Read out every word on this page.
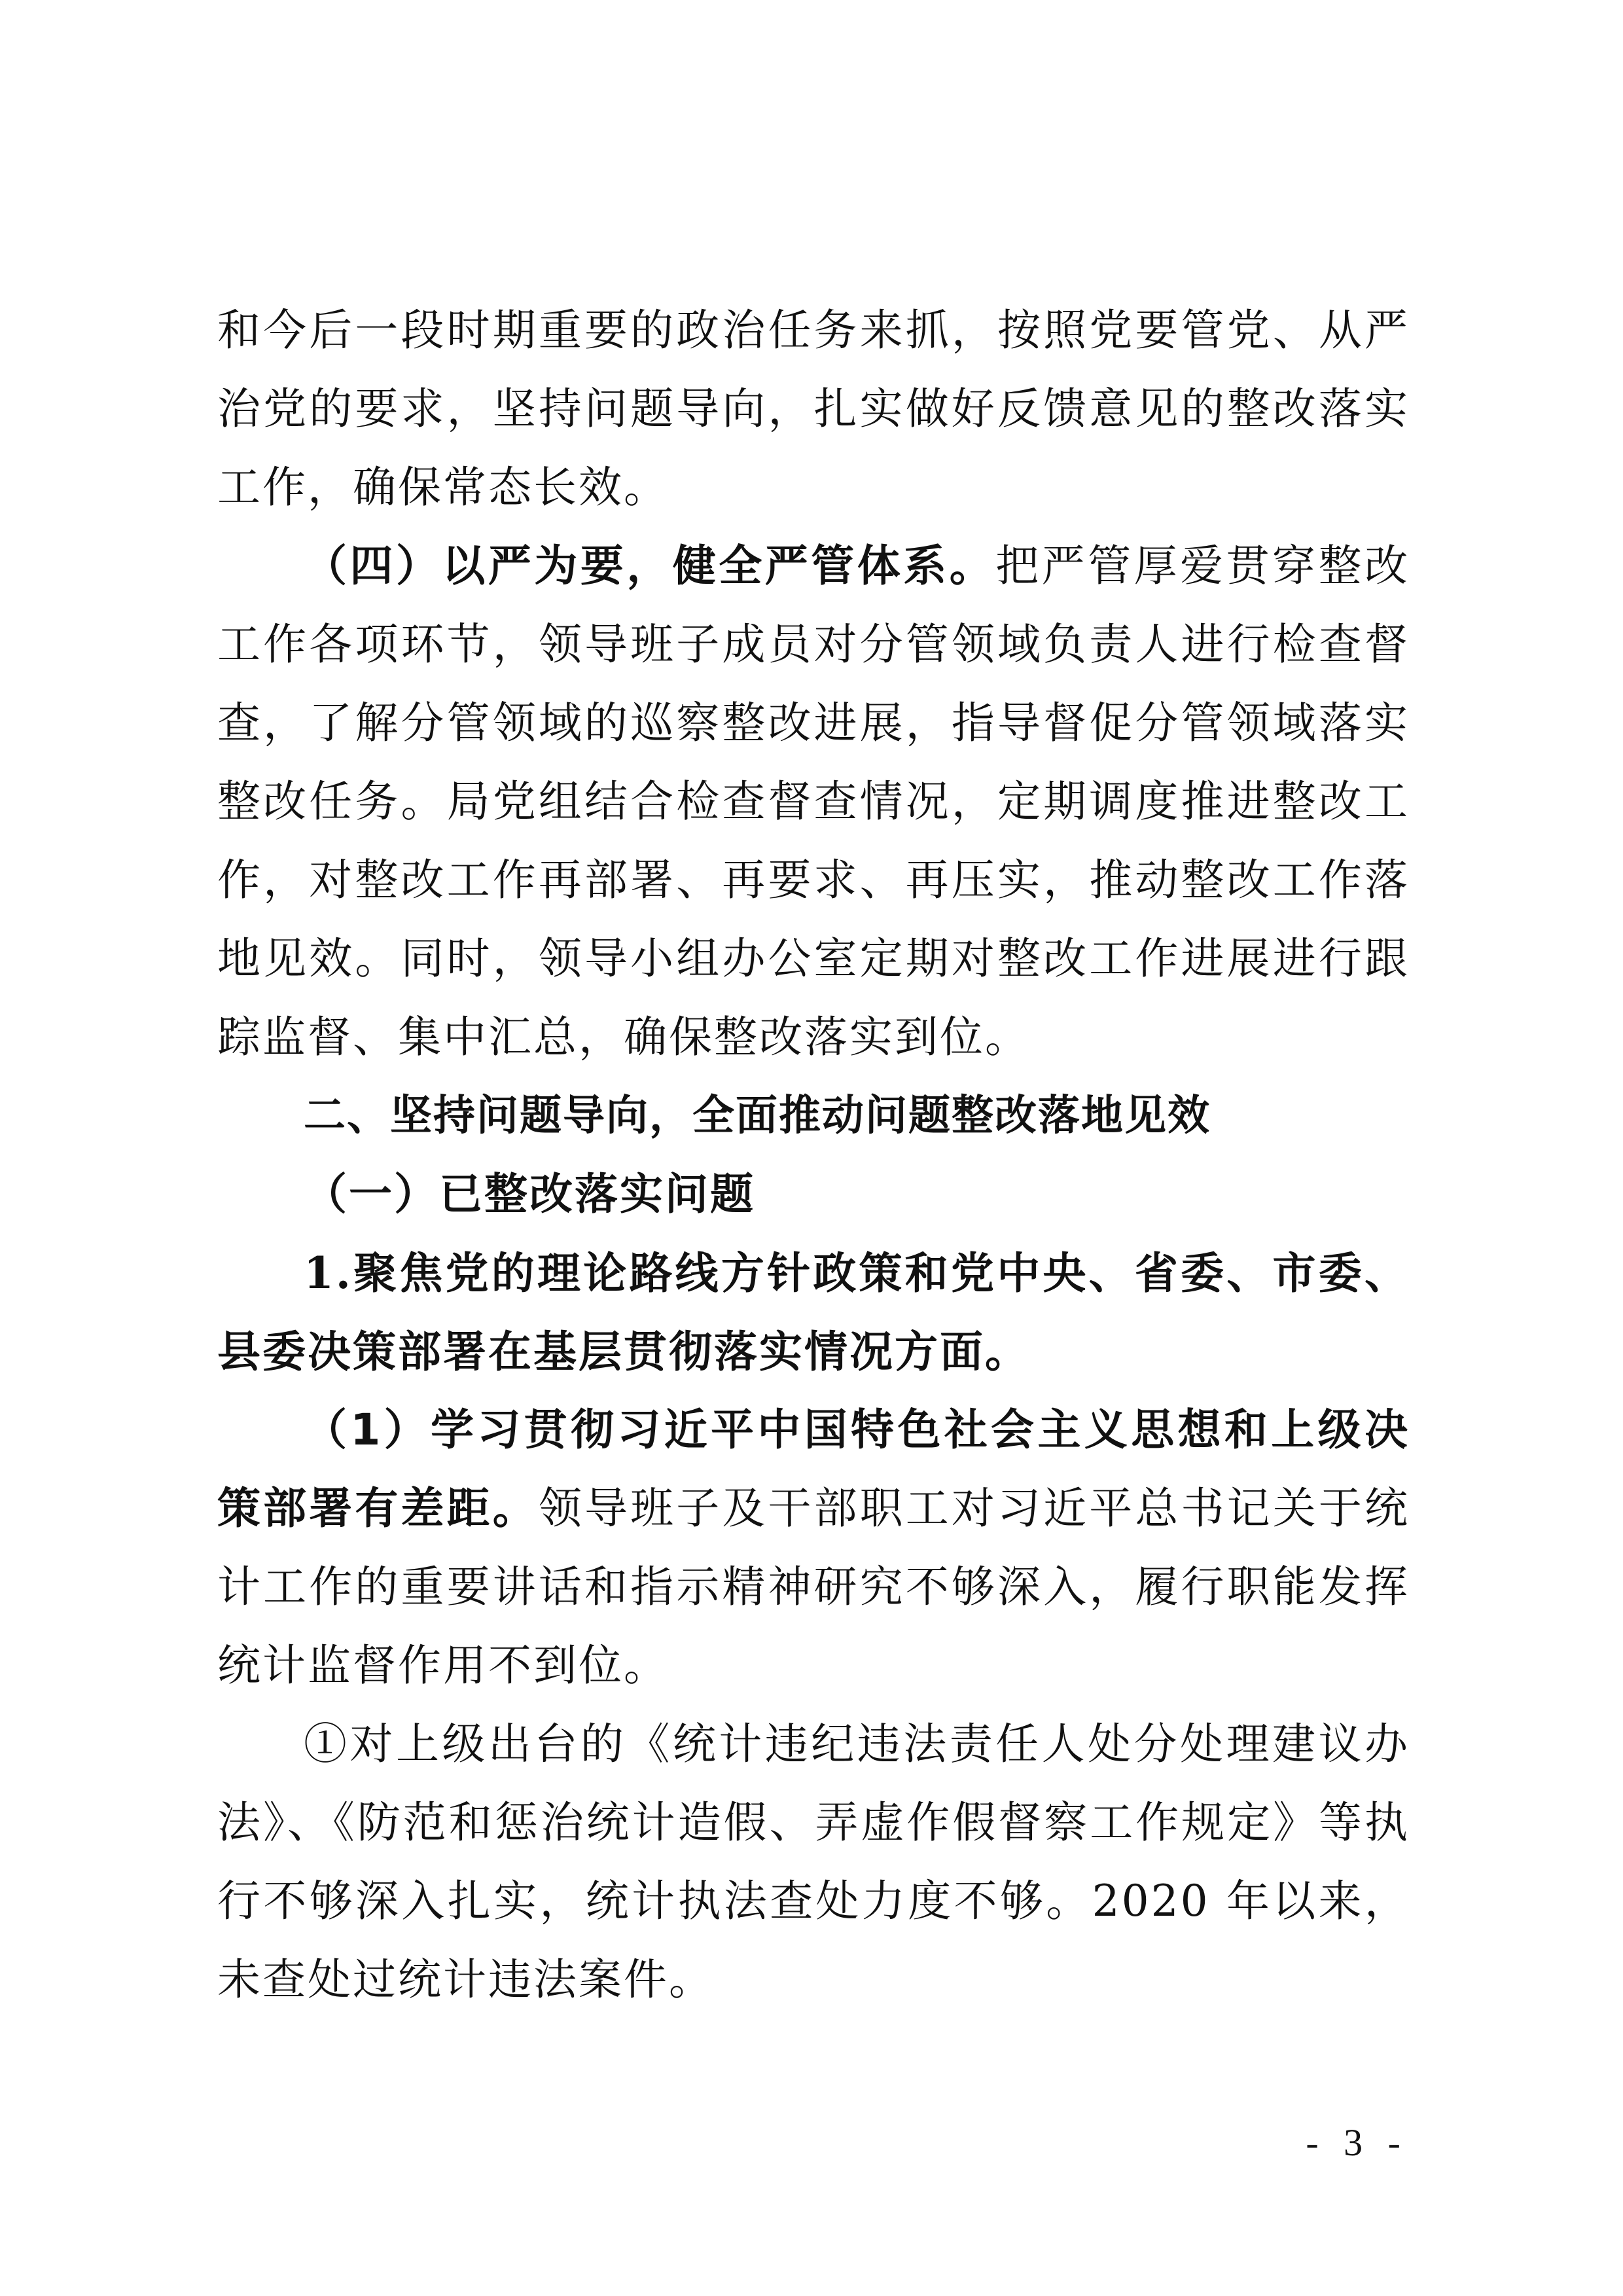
和今后一段时期重要的政治任务来抓，按照党要管党、从严治党的要求，坚持问题导向，扎实做好反馈意见的整改落实工作，确保常态长效。

（四）以严为要，健全严管体系。把严管厚爱贯穿整改工作各项环节，领导班子成员对分管领域负责人进行检查督查，了解分管领域的巡察整改进展，指导督促分管领域落实整改任务。局党组结合检查督查情况，定期调度推进整改工作，对整改工作再部署、再要求、再压实，推动整改工作落地见效。同时，领导小组办公室定期对整改工作进展进行跟踪监督、集中汇总，确保整改落实到位。

二、坚持问题导向，全面推动问题整改落地见效

（一）已整改落实问题

1.聚焦党的理论路线方针政策和党中央、省委、市委、县委决策部署在基层贯彻落实情况方面。

（1）学习贯彻习近平中国特色社会主义思想和上级决策部署有差距。领导班子及干部职工对习近平总书记关于统计工作的重要讲话和指示精神研究不够深入，履行职能发挥统计监督作用不到位。

①对上级出台的《统计违纪违法责任人处分处理建议办法》、《防范和惩治统计造假、弄虚作假督察工作规定》等执行不够深入扎实，统计执法查处力度不够。2020 年以来，未查处过统计违法案件。

- 3 -
